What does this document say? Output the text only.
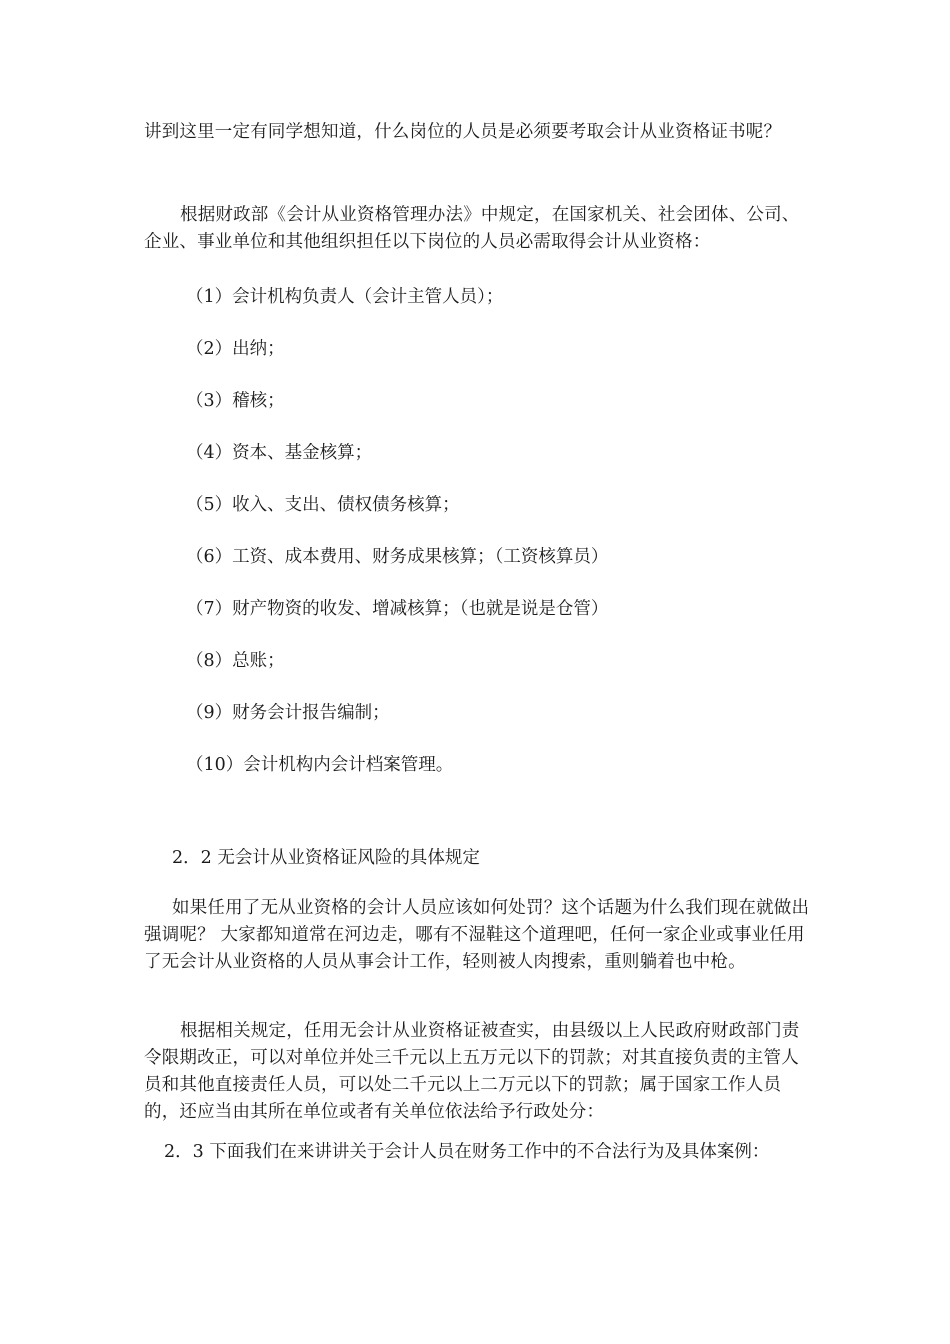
讲到这里一定有同学想知道，什么岗位的人员是必须要考取会计从业资格证书呢？

根据财政部《会计从业资格管理办法》中规定，在国家机关、社会团体、公司、企业、事业单位和其他组织担任以下岗位的人员必需取得会计从业资格：

（1）会计机构负责人（会计主管人员）；

（2）出纳；

（3）稽核；

（4）资本、基金核算；

（5）收入、支出、债权债务核算；

（6）工资、成本费用、财务成果核算；（工资核算员）

（7）财产物资的收发、增减核算；（也就是说是仓管）

（8）总账；

（9）财务会计报告编制；

（10）会计机构内会计档案管理。

2．2 无会计从业资格证风险的具体规定

如果任用了无从业资格的会计人员应该如何处罚？这个话题为什么我们现在就做出强调呢？ 大家都知道常在河边走，哪有不湿鞋这个道理吧，任何一家企业或事业任用了无会计从业资格的人员从事会计工作，轻则被人肉搜索，重则躺着也中枪。

根据相关规定，任用无会计从业资格证被查实，由县级以上人民政府财政部门责令限期改正，可以对单位并处三千元以上五万元以下的罚款；对其直接负责的主管人员和其他直接责任人员，可以处二千元以上二万元以下的罚款；属于国家工作人员的，还应当由其所在单位或者有关单位依法给予行政处分：

2．3 下面我们在来讲讲关于会计人员在财务工作中的不合法行为及具体案例：
